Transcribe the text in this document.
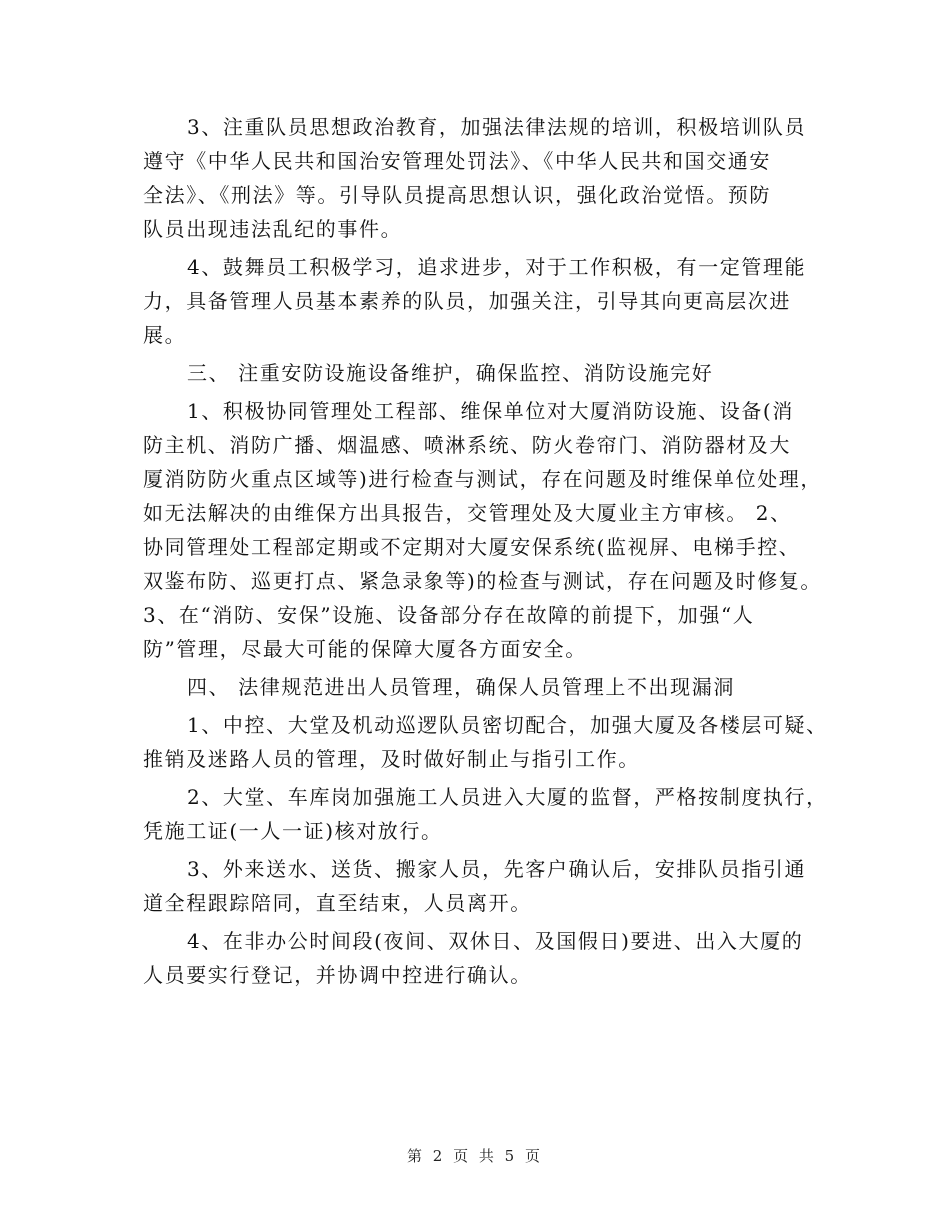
3、注重队员思想政治教育，加强法律法规的培训，积极培训队员
遵守《中华人民共和国治安管理处罚法》、《中华人民共和国交通安
全法》、《刑法》等。引导队员提高思想认识，强化政治觉悟。预防
队员出现违法乱纪的事件。
4、鼓舞员工积极学习，追求进步，对于工作积极，有一定管理能
力，具备管理人员基本素养的队员，加强关注，引导其向更高层次进
展。
三、 注重安防设施设备维护，确保监控、消防设施完好
1、积极协同管理处工程部、维保单位对大厦消防设施、设备(消
防主机、消防广播、烟温感、喷淋系统、防火卷帘门、消防器材及大
厦消防防火重点区域等)进行检查与测试，存在问题及时维保单位处理，
如无法解决的由维保方出具报告，交管理处及大厦业主方审核。 2、
协同管理处工程部定期或不定期对大厦安保系统(监视屏、电梯手控、
双鉴布防、巡更打点、紧急录象等)的检查与测试，存在问题及时修复。
3、在“消防、安保”设施、设备部分存在故障的前提下，加强“人
防”管理，尽最大可能的保障大厦各方面安全。
四、 法律规范进出人员管理，确保人员管理上不出现漏洞
1、中控、大堂及机动巡逻队员密切配合，加强大厦及各楼层可疑、
推销及迷路人员的管理，及时做好制止与指引工作。
2、大堂、车库岗加强施工人员进入大厦的监督，严格按制度执行，
凭施工证(一人一证)核对放行。
3、外来送水、送货、搬家人员，先客户确认后，安排队员指引通
道全程跟踪陪同，直至结束，人员离开。
4、在非办公时间段(夜间、双休日、及国假日)要进、出入大厦的
人员要实行登记，并协调中控进行确认。
第 2 页 共 5 页
